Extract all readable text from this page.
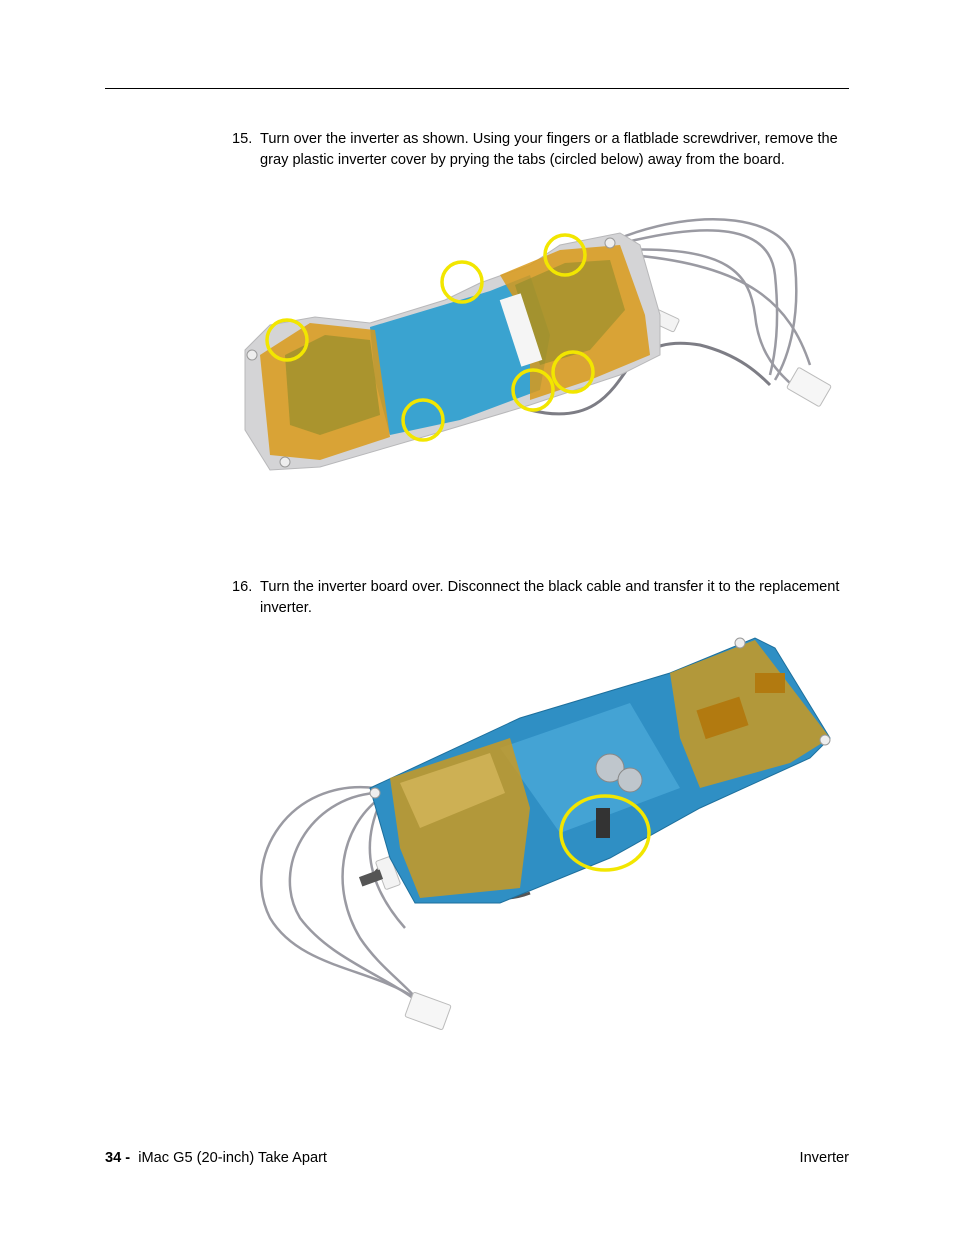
15. Turn over the inverter as shown. Using your fingers or a flatblade screwdriver, remove the gray plastic inverter cover by prying the tabs (circled below) away from the board.
16. Turn the inverter board over. Disconnect the black cable and transfer it to the replacement inverter.
34 - iMac G5 (20-inch) Take Apart	Inverter
